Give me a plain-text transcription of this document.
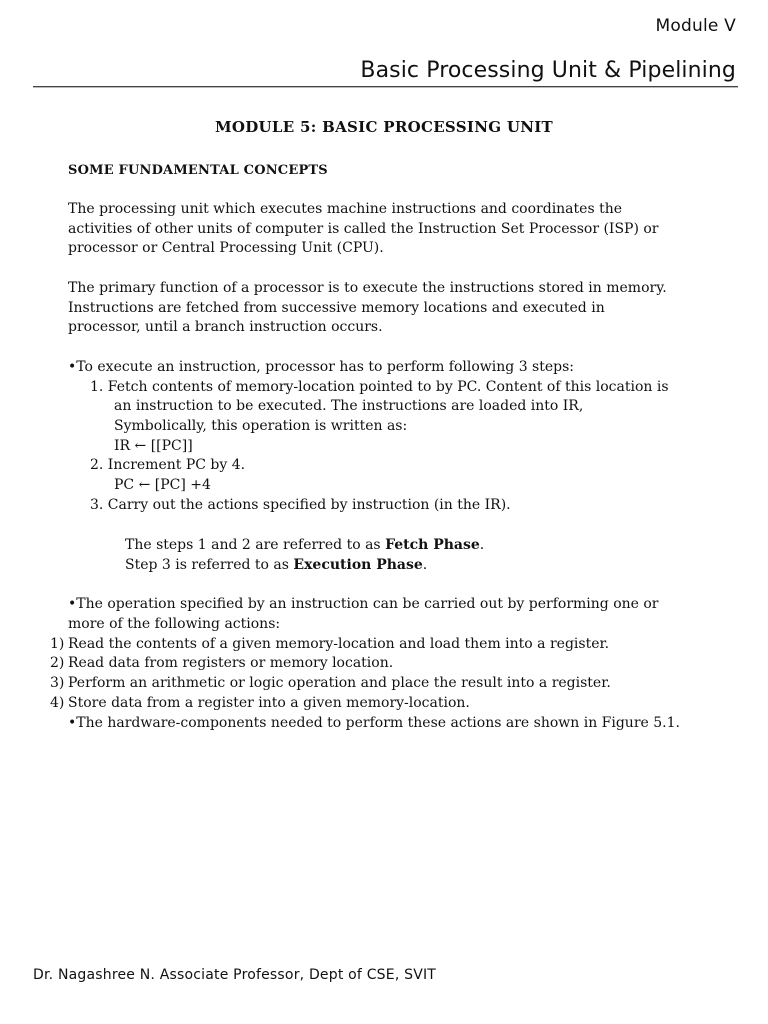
Module V
Basic Processing Unit & Pipelining
MODULE 5: BASIC PROCESSING UNIT
SOME FUNDAMENTAL CONCEPTS

The processing unit which executes machine instructions and coordinates the

activities of other units of computer is called the Instruction Set Processor (ISP) or

processor or Central Processing Unit (CPU).

The primary function of a processor is to execute the instructions stored in memory.

Instructions are fetched from successive memory locations and executed in

processor, until a branch instruction occurs.

•To execute an instruction, processor has to perform following 3 steps:
1. Fetch contents of memory-location pointed to by PC. Content of this location is
an instruction to be executed. The instructions are loaded into IR,
Symbolically, this operation is written as:
IR ← [[PC]]
2. Increment PC by 4.
PC ← [PC] +4
3. Carry out the actions specified by instruction (in the IR).
The steps 1 and 2 are referred to as Fetch Phase.
Step 3 is referred to as Execution Phase.
•The operation specified by an instruction can be carried out by performing one or
more of the following actions:
1) Read the contents of a given memory-location and load them into a register.
2) Read data from registers or memory location.
3) Perform an arithmetic or logic operation and place the result into a register.
4) Store data from a register into a given memory-location.
•The hardware-components needed to perform these actions are shown in Figure 5.1.
Dr. Nagashree N. Associate Professor, Dept of CSE, SVIT
